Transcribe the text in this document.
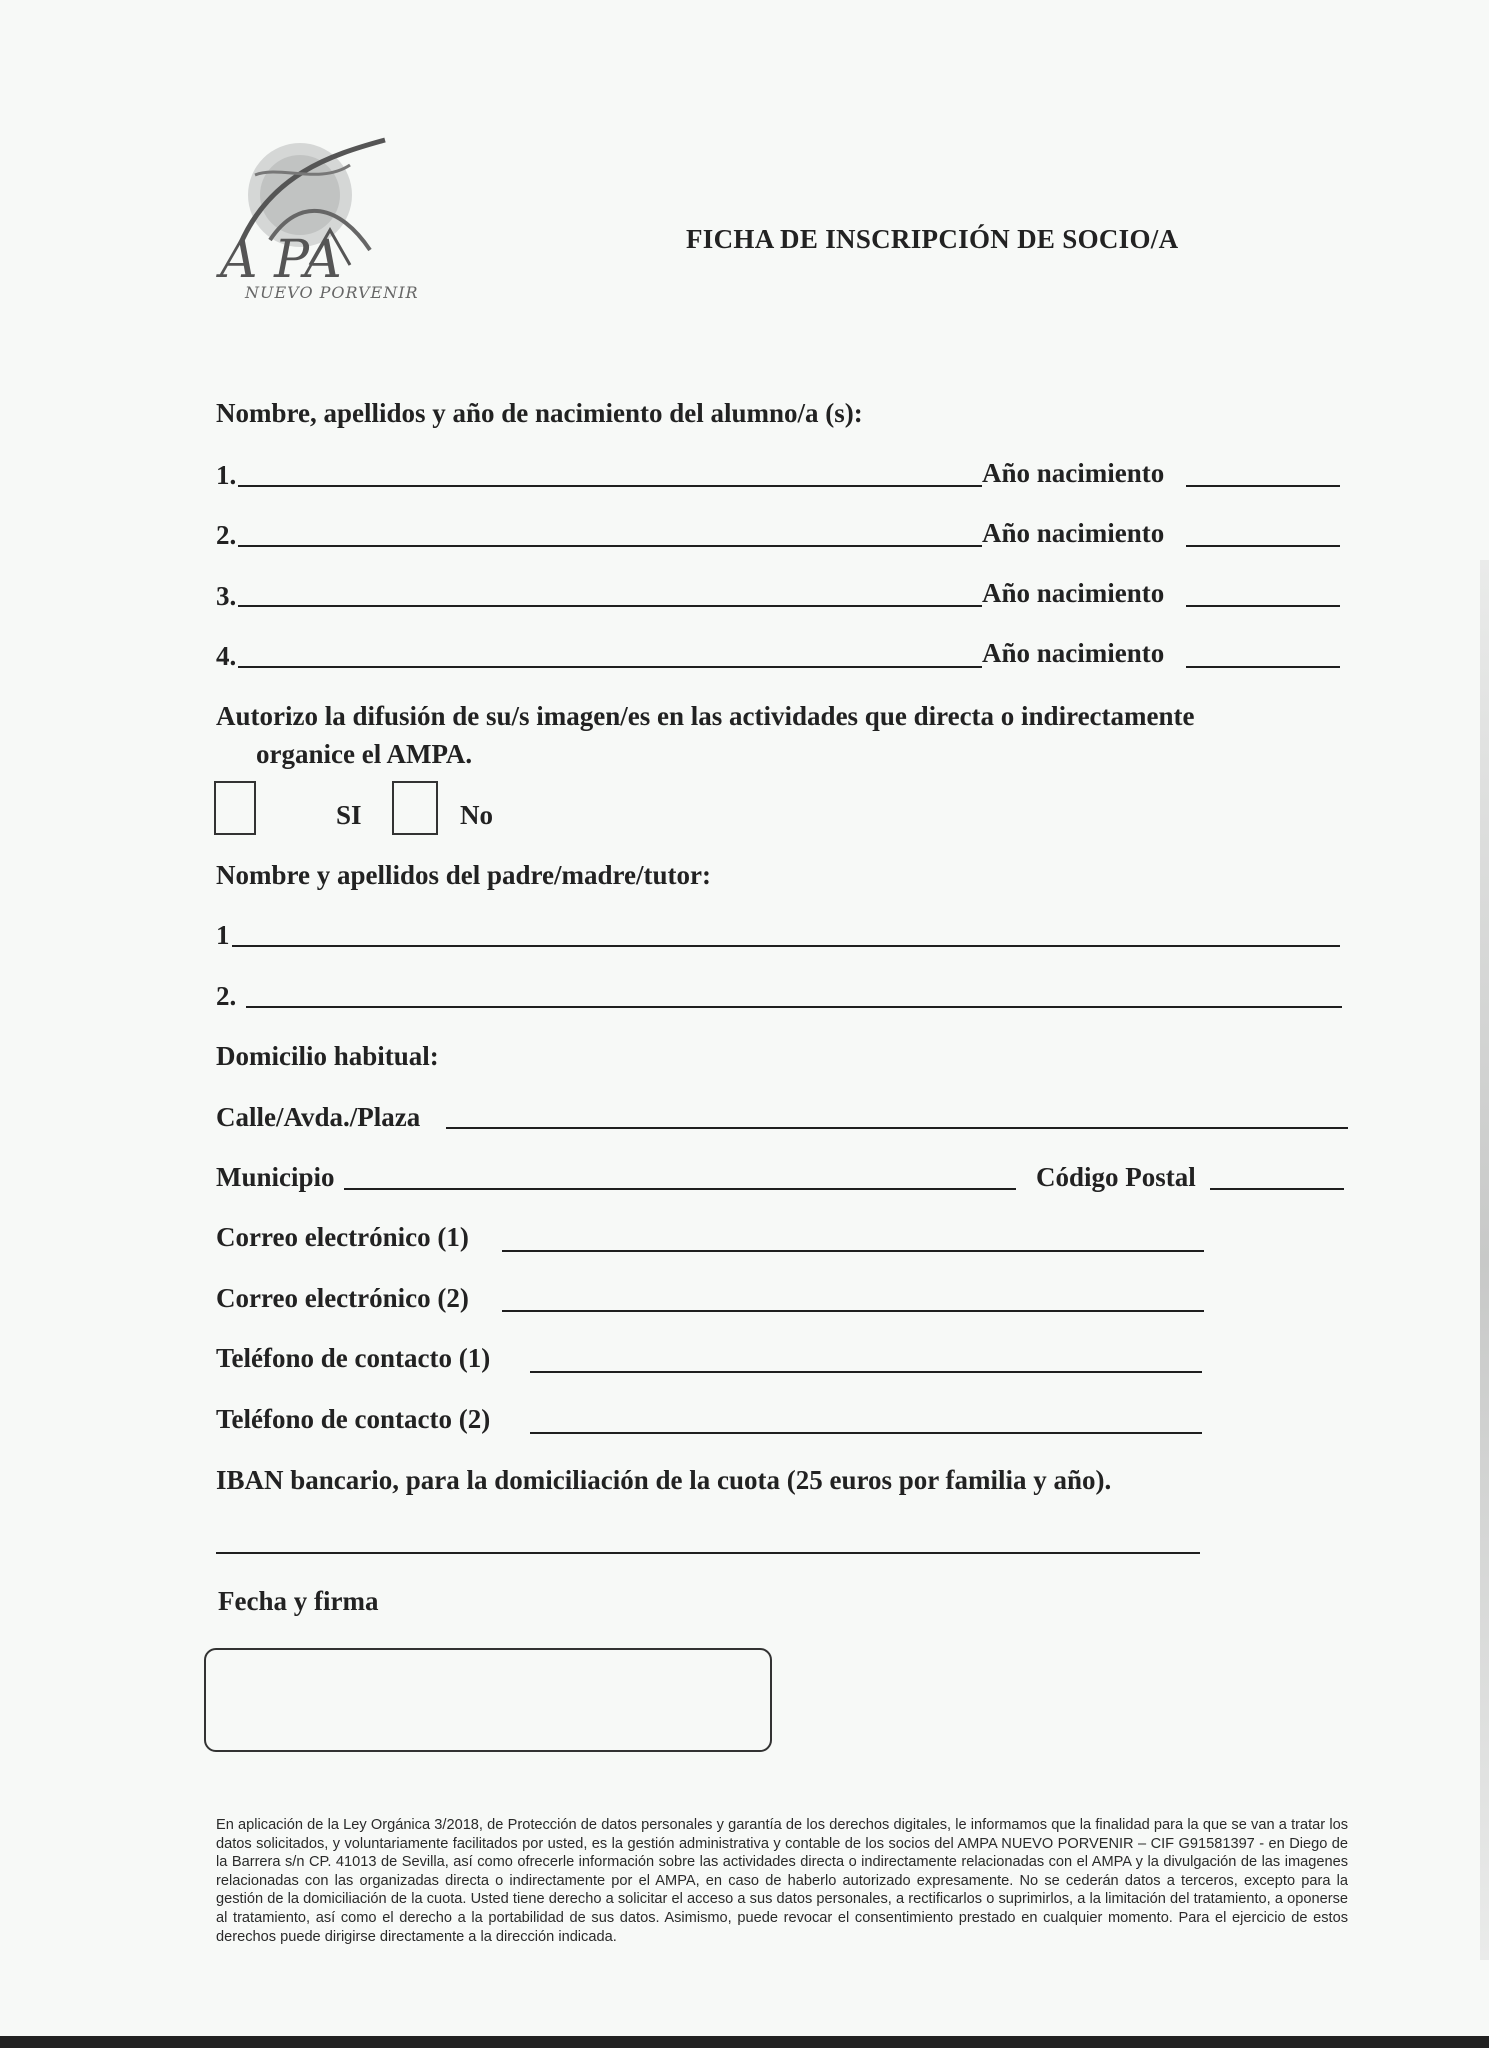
A PA
NUEVO PORVENIR
FICHA DE INSCRIPCIÓN DE SOCIO/A
Nombre, apellidos y año de nacimiento del alumno/a (s):
1.	Año nacimiento
2.	Año nacimiento
3.	Año nacimiento
4.	Año nacimiento
Autorizo la difusión de su/s imagen/es en las actividades que directa o indirectamente
organice el AMPA.
SI	No
Nombre y apellidos del padre/madre/tutor:
1
2.
Domicilio habitual:
Calle/Avda./Plaza
Municipio	Código Postal
Correo electrónico (1)
Correo electrónico (2)
Teléfono de contacto (1)
Teléfono de contacto (2)
IBAN bancario, para la domiciliación de la cuota (25 euros por familia y año).
Fecha y firma
En aplicación de la Ley Orgánica 3/2018, de Protección de datos personales y garantía de los derechos digitales, le informamos que la finalidad para la que se van a tratar los datos solicitados, y voluntariamente facilitados por usted, es la gestión administrativa y contable de los socios del AMPA NUEVO PORVENIR – CIF G91581397 - en Diego de la Barrera s/n CP. 41013 de Sevilla, así como ofrecerle información sobre las actividades directa o indirectamente relacionadas con el AMPA y la divulgación de las imagenes relacionadas con las organizadas directa o indirectamente por el AMPA, en caso de haberlo autorizado expresamente. No se cederán datos a terceros, excepto para la gestión de la domiciliación de la cuota. Usted tiene derecho a solicitar el acceso a sus datos personales, a rectificarlos o suprimirlos, a la limitación del tratamiento, a oponerse al tratamiento, así como el derecho a la portabilidad de sus datos. Asimismo, puede revocar el consentimiento prestado en cualquier momento. Para el ejercicio de estos derechos puede dirigirse directamente a la dirección indicada.
